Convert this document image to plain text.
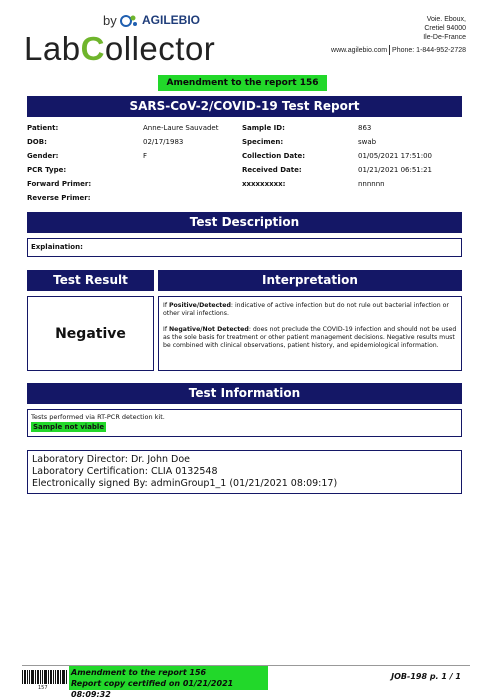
by AGILEBIO
LabCollector
Voie. Eboux,
Cretiel 94000
Ile-De-France
www.agilebio.com Phone: 1-844-952-2728
Amendment to the report 156
SARS-CoV-2/COVID-19 Test Report
Patient:
DOB:
Gender:
PCR Type:
Forward Primer:
Reverse Primer:
Anne-Laure Sauvadet
02/17/1983
F
Sample ID:
Specimen:
Collection Date:
Received Date:
xxxxxxxxx:
863
swab
01/05/2021 17:51:00
01/21/2021 06:51:21
nnnnnn
Test Description
Explaination:
Test Result	Interpretation
Negative

If Positive/Detected: indicative of active infection but do not rule out bacterial infection or other viral infections.

If Negative/Not Detected: does not preclude the COVID-19 infection and should not be used as the sole basis for treatment or other patient management decisions. Negative results must be combined with clinical observations, patient history, and epidemiological information.

Test Information
Tests performed via RT-PCR detection kit.
Sample not viable
Laboratory Director: Dr. John Doe
Laboratory Certification: CLIA 0132548
Electronically signed By: adminGroup1_1 (01/21/2021 08:09:17)
157
Amendment to the report 156
Report copy certified on 01/21/2021 08:09:32
JOB-198 p. 1 / 1
